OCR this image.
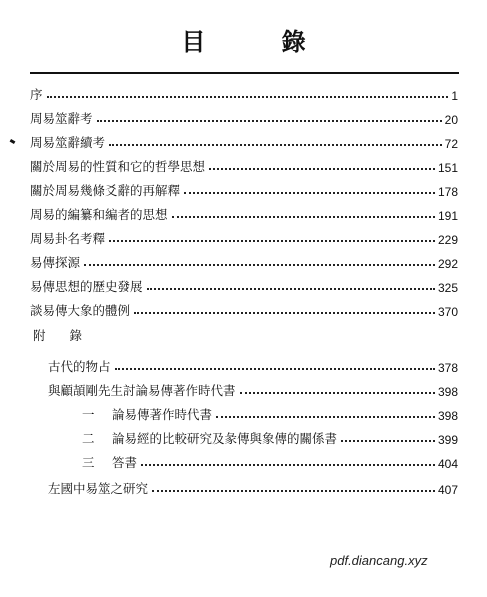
目 錄
序	1
周易筮辭考	20
周易筮辭續考	72
關於周易的性質和它的哲學思想	151
關於周易幾條爻辭的再解釋	178
周易的編纂和編者的思想	191
周易卦名考釋	229
易傳探源	292
易傳思想的歷史發展	325
談易傳大象的體例	370
附 錄
古代的物占	378
與顧頡剛先生討論易傳著作時代書	398
一 論易傳著作時代書	398
二 論易經的比較研究及彖傳與象傳的關係書	399
三 答書	404
左國中易筮之研究	407
pdf.diancang.xyz
